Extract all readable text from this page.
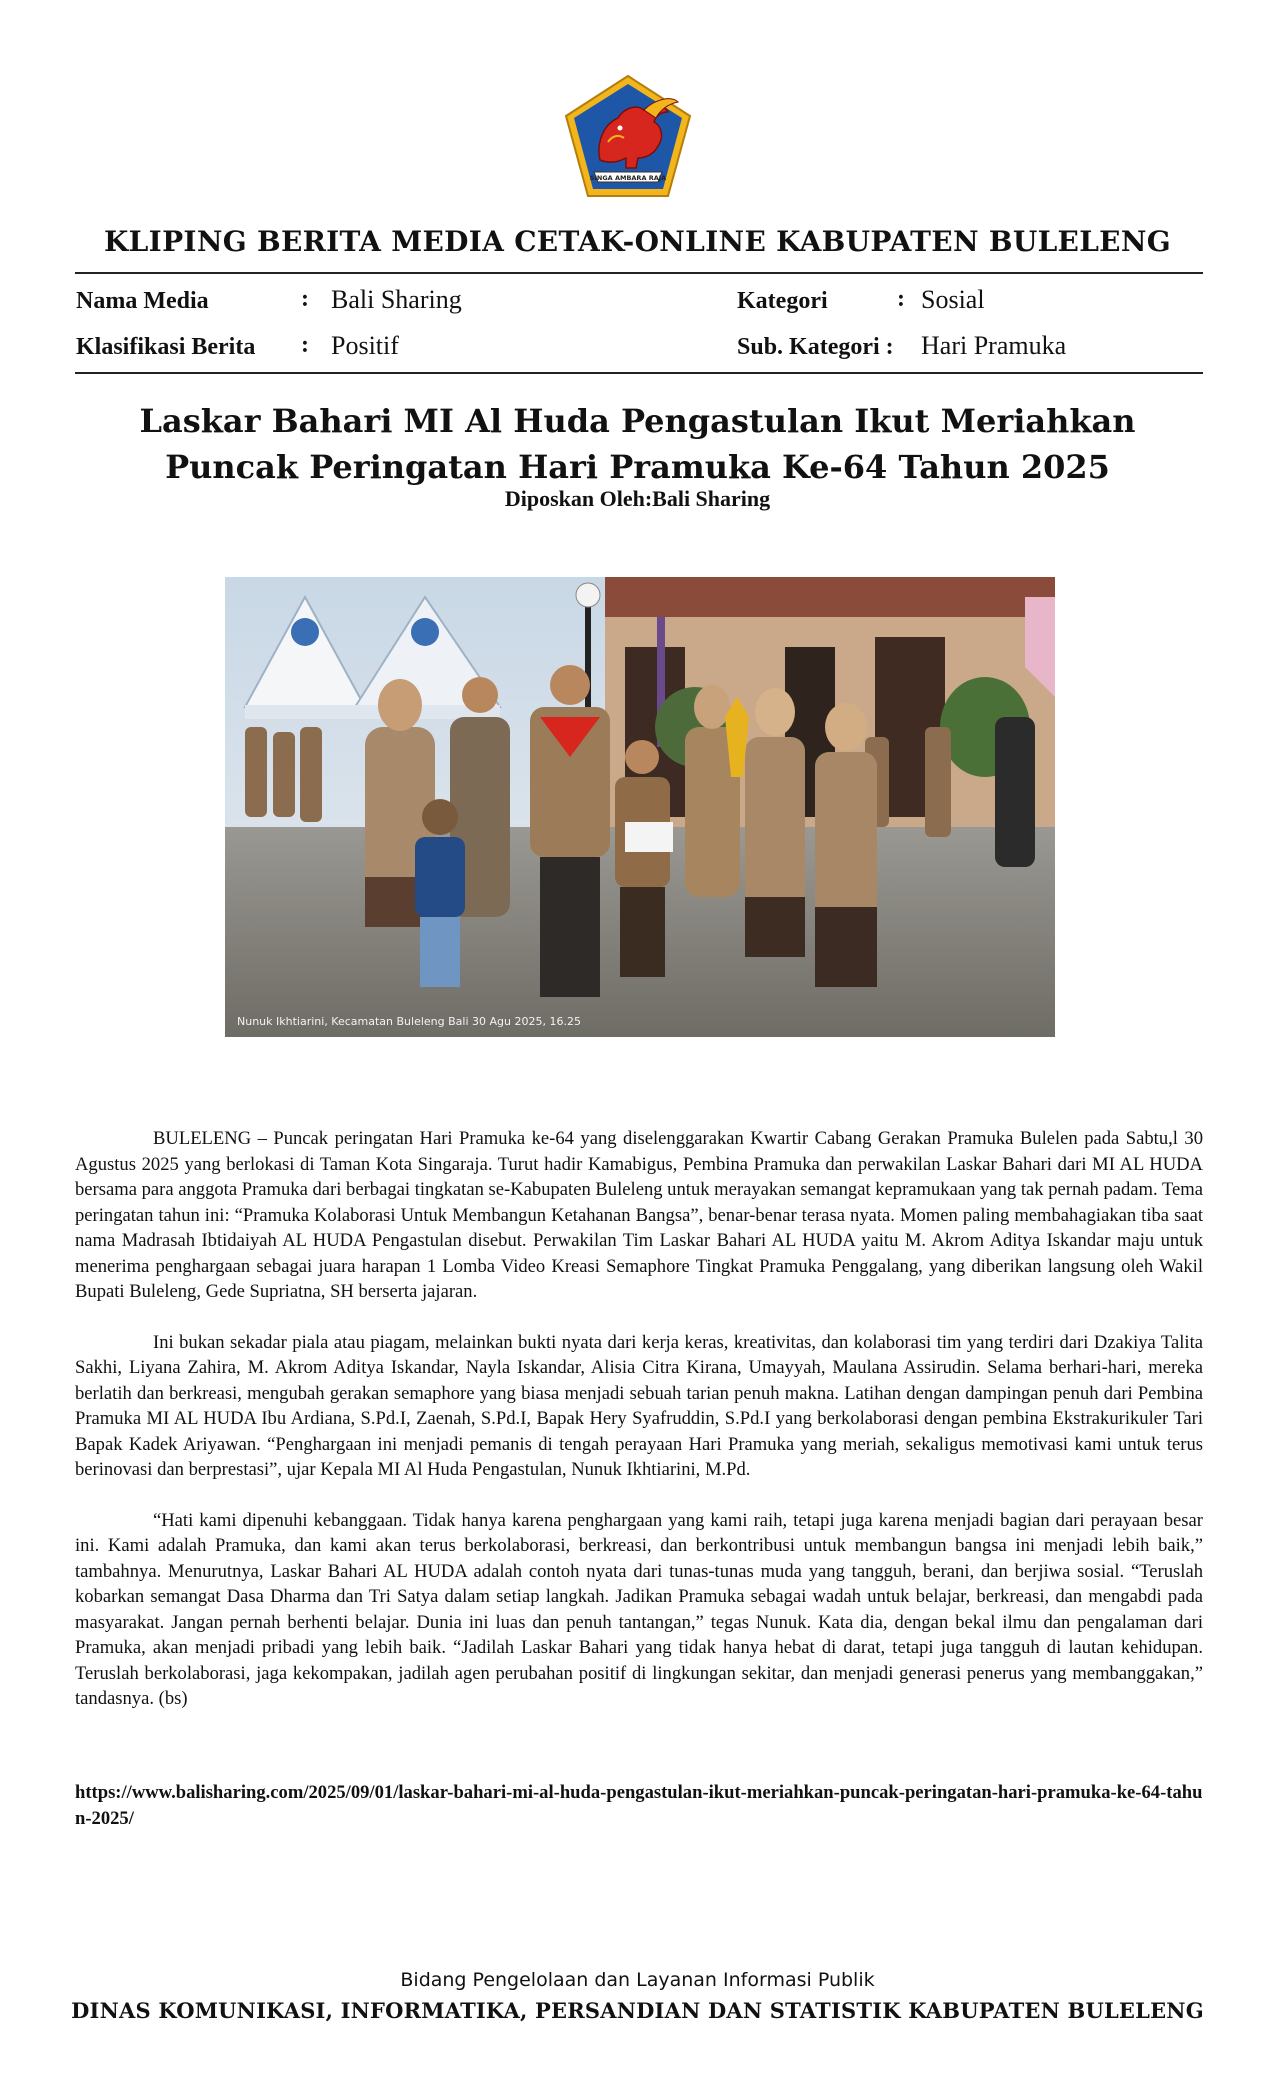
SINGA AMBARA RAJA
KLIPING BERITA MEDIA CETAK-ONLINE KABUPATEN BULELENG
Nama Media	: Bali Sharing	Kategori	: Sosial
Klasifikasi Berita : Positif	Sub. Kategori : Hari Pramuka
Laskar Bahari MI Al Huda Pengastulan Ikut Meriahkan Puncak Peringatan Hari Pramuka Ke-64 Tahun 2025
Diposkan Oleh:Bali Sharing
Nunuk Ikhtiarini, Kecamatan Buleleng Bali 30 Agu 2025, 16.25

BULELENG – Puncak peringatan Hari Pramuka ke-64 yang diselenggarakan Kwartir Cabang Gerakan Pramuka Bulelen pada Sabtu,l 30 Agustus 2025 yang berlokasi di Taman Kota Singaraja. Turut hadir Kamabigus, Pembina Pramuka dan perwakilan Laskar Bahari dari MI AL HUDA bersama para anggota Pramuka dari berbagai tingkatan se-Kabupaten Buleleng untuk merayakan semangat kepramukaan yang tak pernah padam. Tema peringatan tahun ini: “Pramuka Kolaborasi Untuk Membangun Ketahanan Bangsa”, benar-benar terasa nyata. Momen paling membahagiakan tiba saat nama Madrasah Ibtidaiyah AL HUDA Pengastulan disebut. Perwakilan Tim Laskar Bahari AL HUDA yaitu M. Akrom Aditya Iskandar maju untuk menerima penghargaan sebagai juara harapan 1 Lomba Video Kreasi Semaphore Tingkat Pramuka Penggalang, yang diberikan langsung oleh Wakil Bupati Buleleng, Gede Supriatna, SH berserta jajaran.

Ini bukan sekadar piala atau piagam, melainkan bukti nyata dari kerja keras, kreativitas, dan kolaborasi tim yang terdiri dari Dzakiya Talita Sakhi, Liyana Zahira, M. Akrom Aditya Iskandar, Nayla Iskandar, Alisia Citra Kirana, Umayyah, Maulana Assirudin. Selama berhari-hari, mereka berlatih dan berkreasi, mengubah gerakan semaphore yang biasa menjadi sebuah tarian penuh makna. Latihan dengan dampingan penuh dari Pembina Pramuka MI AL HUDA Ibu Ardiana, S.Pd.I, Zaenah, S.Pd.I, Bapak Hery Syafruddin, S.Pd.I yang berkolaborasi dengan pembina Ekstrakurikuler Tari Bapak Kadek Ariyawan. “Penghargaan ini menjadi pemanis di tengah perayaan Hari Pramuka yang meriah, sekaligus memotivasi kami untuk terus berinovasi dan berprestasi”, ujar Kepala MI Al Huda Pengastulan, Nunuk Ikhtiarini, M.Pd.

“Hati kami dipenuhi kebanggaan. Tidak hanya karena penghargaan yang kami raih, tetapi juga karena menjadi bagian dari perayaan besar ini. Kami adalah Pramuka, dan kami akan terus berkolaborasi, berkreasi, dan berkontribusi untuk membangun bangsa ini menjadi lebih baik,” tambahnya. Menurutnya, Laskar Bahari AL HUDA adalah contoh nyata dari tunas-tunas muda yang tangguh, berani, dan berjiwa sosial. “Teruslah kobarkan semangat Dasa Dharma dan Tri Satya dalam setiap langkah. Jadikan Pramuka sebagai wadah untuk belajar, berkreasi, dan mengabdi pada masyarakat. Jangan pernah berhenti belajar. Dunia ini luas dan penuh tantangan,” tegas Nunuk. Kata dia, dengan bekal ilmu dan pengalaman dari Pramuka, akan menjadi pribadi yang lebih baik. “Jadilah Laskar Bahari yang tidak hanya hebat di darat, tetapi juga tangguh di lautan kehidupan. Teruslah berkolaborasi, jaga kekompakan, jadilah agen perubahan positif di lingkungan sekitar, dan menjadi generasi penerus yang membanggakan,” tandasnya. (bs)

https://www.balisharing.com/2025/09/01/laskar-bahari-mi-al-huda-pengastulan-ikut-meriahkan-puncak-peringatan-hari-pramuka-ke-64-tahun-2025/
Bidang Pengelolaan dan Layanan Informasi Publik
DINAS KOMUNIKASI, INFORMATIKA, PERSANDIAN DAN STATISTIK KABUPATEN BULELENG
